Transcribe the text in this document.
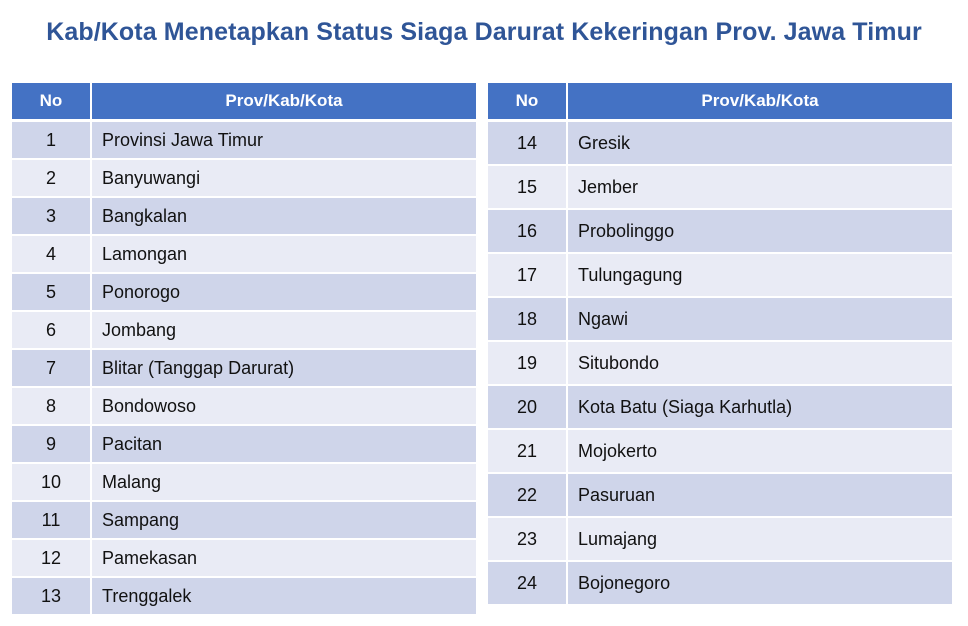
Kab/Kota Menetapkan Status Siaga Darurat Kekeringan Prov. Jawa Timur
No	Prov/Kab/Kota
1	Provinsi Jawa Timur
2	Banyuwangi
3	Bangkalan
4	Lamongan
5	Ponorogo
6	Jombang
7	Blitar (Tanggap Darurat)
8	Bondowoso
9	Pacitan
10	Malang
11	Sampang
12	Pamekasan
13	Trenggalek
No	Prov/Kab/Kota
14	Gresik
15	Jember
16	Probolinggo
17	Tulungagung
18	Ngawi
19	Situbondo
20	Kota Batu (Siaga Karhutla)
21	Mojokerto
22	Pasuruan
23	Lumajang
24	Bojonegoro
